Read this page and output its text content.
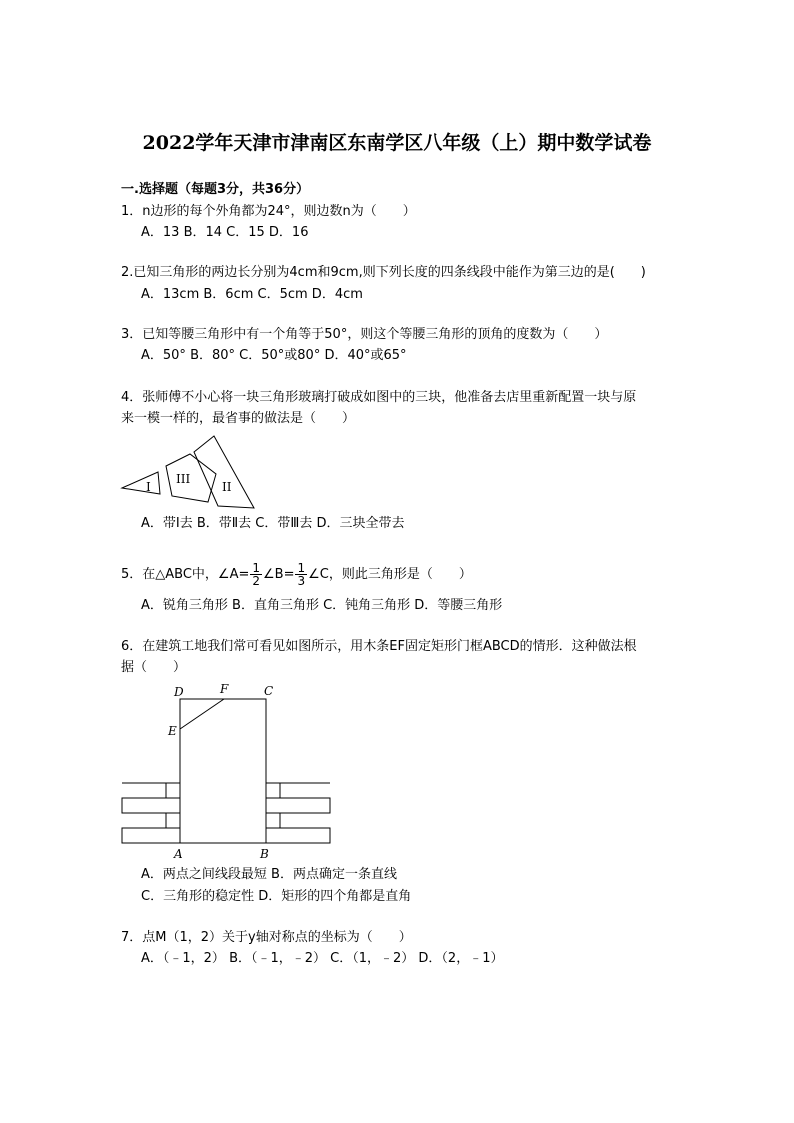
2022学年天津市津南区东南学区八年级（上）期中数学试卷
一.选择题（每题3分，共36分）
1．n边形的每个外角都为24°，则边数n为（　　）
A．13 B．14 C．15 D．16
2.已知三角形的两边长分别为4cm和9cm,则下列长度的四条线段中能作为第三边的是(　　)
A．13cm B．6cm C．5cm D．4cm
3．已知等腰三角形中有一个角等于50°，则这个等腰三角形的顶角的度数为（　　）
A．50° B．80° C．50°或80° D．40°或65°
4．张师傅不小心将一块三角形玻璃打破成如图中的三块，他准备去店里重新配置一块与原
来一模一样的，最省事的做法是（　　）
I
III
II
A．带Ⅰ去 B．带Ⅱ去 C．带Ⅲ去 D．三块全带去
5．在△ABC中，∠A= $\frac{1}{2}$ ∠B= $\frac{1}{3}$ ∠C，则此三角形是（　　）
A．锐角三角形 B．直角三角形 C．钝角三角形 D．等腰三角形
6．在建筑工地我们常可看见如图所示，用木条EF固定矩形门框ABCD的情形．这种做法根
据（　　）
D	F	C
E
A	B
A．两点之间线段最短 B．两点确定一条直线
C．三角形的稳定性 D．矩形的四个角都是直角
7．点M（1，2）关于y轴对称点的坐标为（　　）
A．（﹣1，2） B．（﹣1，﹣2） C．（1，﹣2） D．（2，﹣1）
